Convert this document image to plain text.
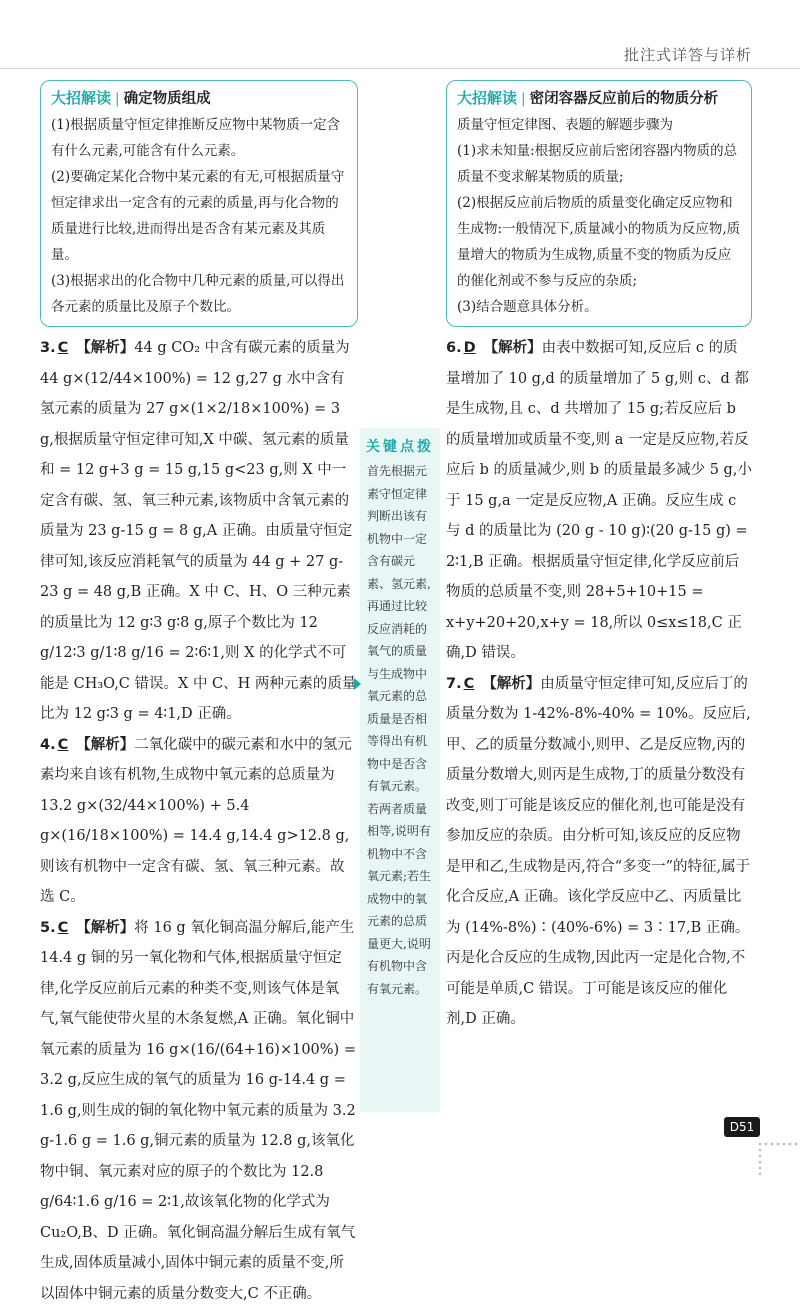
批注式详答与详析
大招解读 | 确定物质组成

(1)根据质量守恒定律推断反应物中某物质一定含有什么元素,可能含有什么元素。

(2)要确定某化合物中某元素的有无,可根据质量守恒定律求出一定含有的元素的质量,再与化合物的质量进行比较,进而得出是否含有某元素及其质量。

(3)根据求出的化合物中几种元素的质量,可以得出各元素的质量比及原子个数比。

3. C 【解析】44 g CO₂ 中含有碳元素的质量为 44 g×(12/44×100%) = 12 g,27 g 水中含有氢元素的质量为 27 g×(1×2/18×100%) = 3 g,根据质量守恒定律可知,X 中碳、氢元素的质量和 = 12 g+3 g = 15 g,15 g<23 g,则 X 中一定含有碳、氢、氧三种元素,该物质中含氧元素的质量为 23 g-15 g = 8 g,A 正确。由质量守恒定律可知,该反应消耗氧气的质量为 44 g + 27 g-23 g = 48 g,B 正确。X 中 C、H、O 三种元素的质量比为 12 g∶3 g∶8 g,原子个数比为 12 g/12∶3 g/1∶8 g/16 = 2∶6∶1,则 X 的化学式不可能是 CH₃O,C 错误。X 中 C、H 两种元素的质量比为 12 g∶3 g = 4∶1,D 正确。

4. C 【解析】二氧化碳中的碳元素和水中的氢元素均来自该有机物,生成物中氧元素的总质量为 13.2 g×(32/44×100%) + 5.4 g×(16/18×100%) = 14.4 g,14.4 g>12.8 g,则该有机物中一定含有碳、氢、氧三种元素。故选 C。

5. C 【解析】将 16 g 氧化铜高温分解后,能产生 14.4 g 铜的另一氧化物和气体,根据质量守恒定律,化学反应前后元素的种类不变,则该气体是氧气,氧气能使带火星的木条复燃,A 正确。氧化铜中氧元素的质量为 16 g×(16/(64+16)×100%) = 3.2 g,反应生成的氧气的质量为 16 g-14.4 g = 1.6 g,则生成的铜的氧化物中氧元素的质量为 3.2 g-1.6 g = 1.6 g,铜元素的质量为 12.8 g,该氧化物中铜、氧元素对应的原子的个数比为 12.8 g/64∶1.6 g/16 = 2∶1,故该氧化物的化学式为 Cu₂O,B、D 正确。氧化铜高温分解后生成有氧气生成,固体质量减小,固体中铜元素的质量不变,所以固体中铜元素的质量分数变大,C 不正确。

关键点拨
首先根据元素守恒定律判断出该有机物中一定含有碳元素、氢元素,再通过比较反应消耗的氧气的质量与生成物中氧元素的总质量是否相等得出有机物中是否含有氧元素。若两者质量相等,说明有机物中不含氧元素;若生成物中的氧元素的总质量更大,说明有机物中含有氧元素。
大招解读 | 密闭容器反应前后的物质分析

质量守恒定律图、表题的解题步骤为

(1)求未知量:根据反应前后密闭容器内物质的总质量不变求解某物质的质量;

(2)根据反应前后物质的质量变化确定反应物和生成物:一般情况下,质量减小的物质为反应物,质量增大的物质为生成物,质量不变的物质为反应的催化剂或不参与反应的杂质;

(3)结合题意具体分析。

6. D 【解析】由表中数据可知,反应后 c 的质量增加了 10 g,d 的质量增加了 5 g,则 c、d 都是生成物,且 c、d 共增加了 15 g;若反应后 b 的质量增加或质量不变,则 a 一定是反应物,若反应后 b 的质量减少,则 b 的质量最多减少 5 g,小于 15 g,a 一定是反应物,A 正确。反应生成 c 与 d 的质量比为 (20 g - 10 g)∶(20 g-15 g) = 2∶1,B 正确。根据质量守恒定律,化学反应前后物质的总质量不变,则 28+5+10+15 = x+y+20+20,x+y = 18,所以 0≤x≤18,C 正确,D 错误。

7. C 【解析】由质量守恒定律可知,反应后丁的质量分数为 1-42%-8%-40% = 10%。反应后,甲、乙的质量分数减小,则甲、乙是反应物,丙的质量分数增大,则丙是生成物,丁的质量分数没有改变,则丁可能是该反应的催化剂,也可能是没有参加反应的杂质。由分析可知,该反应的反应物是甲和乙,生成物是丙,符合“多变一”的特征,属于化合反应,A 正确。该化学反应中乙、丙质量比为 (14%-8%)∶(40%-6%) = 3∶17,B 正确。丙是化合反应的生成物,因此丙一定是化合物,不可能是单质,C 错误。丁可能是该反应的催化剂,D 正确。

D51
